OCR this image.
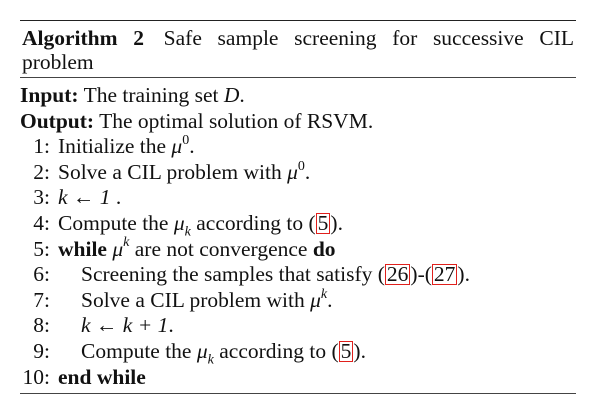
Algorithm 2 Safe sample screening for successive CIL problem
Input: The training set D.
Output: The optimal solution of RSVM.
1: Initialize the $\mu^0$.
2: Solve a CIL problem with $\mu^0$.
3: k ← 1 .
4: Compute the $\mu_k$ according to (5).
5: while $\mu^k$ are not convergence do
6: Screening the samples that satisfy (26)-(27).
7: Solve a CIL problem with $\mu^k$.
8: k ← k + 1.
9: Compute the $\mu_k$ according to (5).
10: end while
